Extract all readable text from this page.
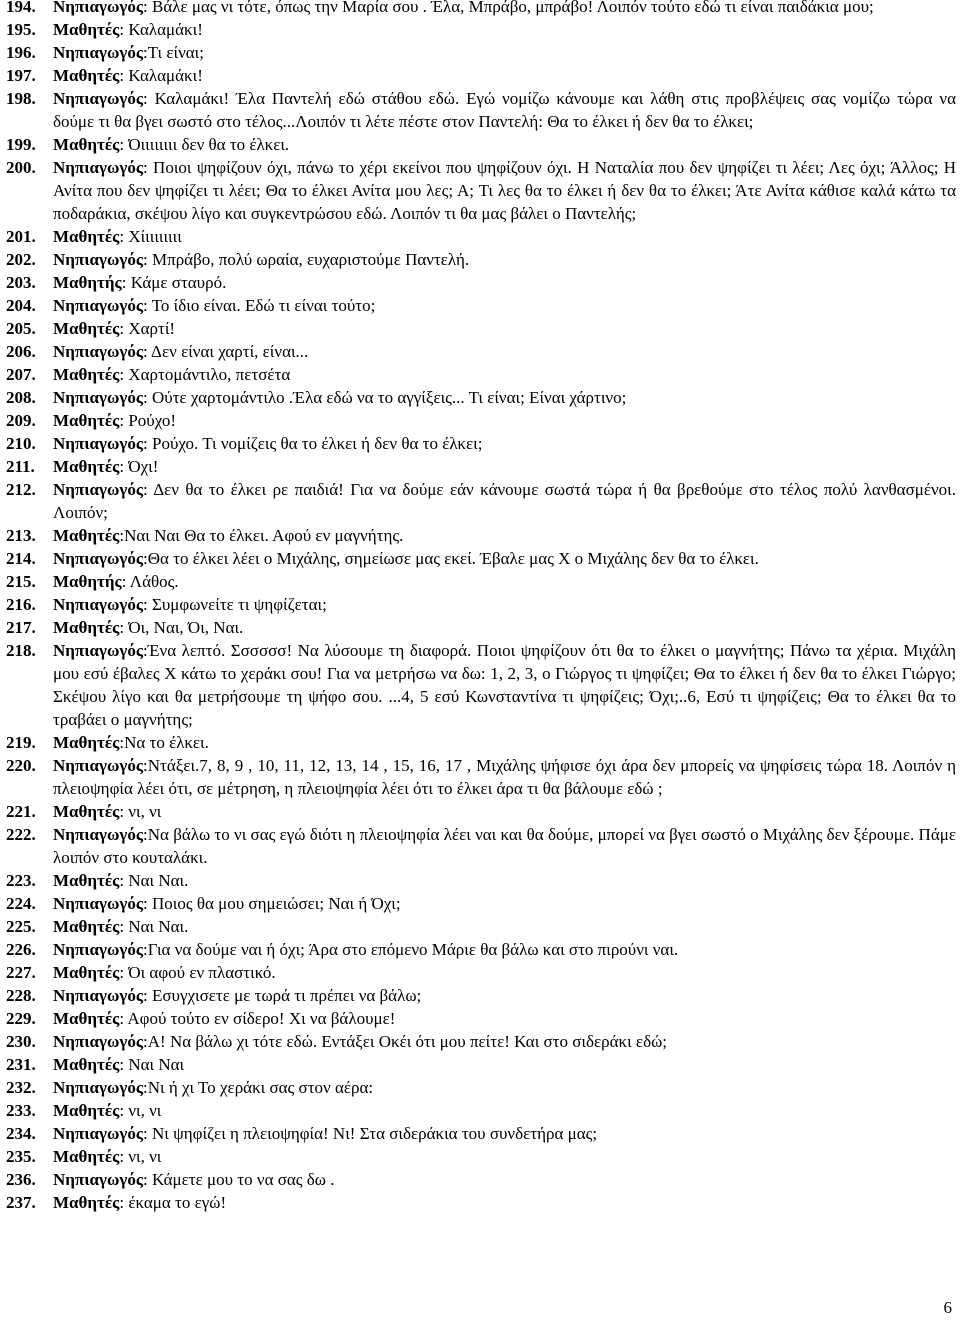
194. Νηπιαγωγός: Βάλε μας νι τότε, όπως την Μαρία σου . Έλα, Μπράβο, μπράβο! Λοιπόν τούτο εδώ τι είναι παιδάκια μου;
195. Μαθητές: Καλαμάκι!
196. Νηπιαγωγός:Τι είναι;
197. Μαθητές: Καλαμάκι!
198. Νηπιαγωγός: Καλαμάκι! Έλα Παντελή εδώ στάθου εδώ. Εγώ νομίζω κάνουμε και λάθη στις προβλέψεις σας νομίζω τώρα να δούμε τι θα βγει σωστό στο τέλος...Λοιπόν τι λέτε πέστε στον Παντελή: Θα το έλκει ή δεν θα το έλκει;
199. Μαθητές: Όιιιιιιιι δεν θα το έλκει.
200. Νηπιαγωγός: Ποιοι ψηφίζουν όχι, πάνω το χέρι εκείνοι που ψηφίζουν όχι. Η Ναταλία που δεν ψηφίζει τι λέει; Λες όχι; Άλλος; Η Ανίτα που δεν ψηφίζει τι λέει; Θα το έλκει Ανίτα μου λες; Α; Τι λες θα το έλκει ή δεν θα το έλκει; Άτε Ανίτα κάθισε καλά κάτω τα ποδαράκια, σκέψου λίγο και συγκεντρώσου εδώ. Λοιπόν τι θα μας βάλει ο Παντελής;
201. Μαθητές: Χίιιιιιιιι
202. Νηπιαγωγός: Μπράβο, πολύ ωραία, ευχαριστούμε Παντελή.
203. Μαθητής: Κάμε σταυρό.
204. Νηπιαγωγός: Το ίδιο είναι. Εδώ τι είναι τούτο;
205. Μαθητές: Χαρτί!
206. Νηπιαγωγός: Δεν είναι χαρτί, είναι...
207. Μαθητές: Χαρτομάντιλο, πετσέτα
208. Νηπιαγωγός: Ούτε χαρτομάντιλο .Έλα εδώ να το αγγίξεις... Τι είναι; Είναι χάρτινο;
209. Μαθητές: Ρούχο!
210. Νηπιαγωγός: Ρούχο. Τι νομίζεις θα το έλκει ή δεν θα το έλκει;
211. Μαθητές: Όχι!
212. Νηπιαγωγός: Δεν θα το έλκει ρε παιδιά! Για να δούμε εάν κάνουμε σωστά τώρα ή θα βρεθούμε στο τέλος πολύ λανθασμένοι. Λοιπόν;
213. Μαθητές:Ναι Ναι Θα το έλκει. Αφού εν μαγνήτης.
214. Νηπιαγωγός:Θα το έλκει λέει ο Μιχάλης, σημείωσε μας εκεί. Έβαλε μας Χ ο Μιχάλης δεν θα το έλκει.
215. Μαθητής: Λάθος.
216. Νηπιαγωγός: Συμφωνείτε τι ψηφίζεται;
217. Μαθητές: Όι, Ναι, Όι, Ναι.
218. Νηπιαγωγός:Ένα λεπτό. Σσσσσσ! Να λύσουμε τη διαφορά. Ποιοι ψηφίζουν ότι θα το έλκει ο μαγνήτης; Πάνω τα χέρια. Μιχάλη μου εσύ έβαλες Χ κάτω το χεράκι σου! Για να μετρήσω να δω: 1, 2, 3, ο Γιώργος τι ψηφίζει; Θα το έλκει ή δεν θα το έλκει Γιώργο; Σκέψου λίγο και θα μετρήσουμε τη ψήφο σου. ...4, 5 εσύ Κωνσταντίνα τι ψηφίζεις; Όχι;..6, Εσύ τι ψηφίζεις; Θα το έλκει θα το τραβάει ο μαγνήτης;
219. Μαθητές:Να το έλκει.
220. Νηπιαγωγός:Ντάξει.7, 8, 9 , 10, 11, 12, 13, 14 , 15, 16, 17 , Μιχάλης ψήφισε όχι άρα δεν μπορείς να ψηφίσεις τώρα 18. Λοιπόν η πλειοψηφία λέει ότι, σε μέτρηση, η πλειοψηφία λέει ότι το έλκει άρα τι θα βάλουμε εδώ ;
221. Μαθητές: νι, νι
222. Νηπιαγωγός:Να βάλω το νι σας εγώ διότι η πλειοψηφία λέει ναι και θα δούμε, μπορεί να βγει σωστό ο Μιχάλης δεν ξέρουμε. Πάμε λοιπόν στο κουταλάκι.
223. Μαθητές: Ναι Ναι.
224. Νηπιαγωγός: Ποιος θα μου σημειώσει; Ναι ή Όχι;
225. Μαθητές: Ναι Ναι.
226. Νηπιαγωγός:Για να δούμε ναι ή όχι; Άρα στο επόμενο Μάριε θα βάλω και στο πιρούνι ναι.
227. Μαθητές: Όι αφού εν πλαστικό.
228. Νηπιαγωγός: Εσυγχισετε με τωρά τι πρέπει να βάλω;
229. Μαθητές: Αφού τούτο εν σίδερο! Χι να βάλουμε!
230. Νηπιαγωγός:Α! Να βάλω χι τότε εδώ. Εντάξει Οκέι ότι μου πείτε! Και στο σιδεράκι εδώ;
231. Μαθητές: Ναι Ναι
232. Νηπιαγωγός:Νι ή χι Το χεράκι σας στον αέρα:
233. Μαθητές: νι, νι
234. Νηπιαγωγός: Νι ψηφίζει η πλειοψηφία! Νι! Στα σιδεράκια του συνδετήρα μας;
235. Μαθητές: νι, νι
236. Νηπιαγωγός: Κάμετε μου το να σας δω .
237. Μαθητές: έκαμα το εγώ!
6
